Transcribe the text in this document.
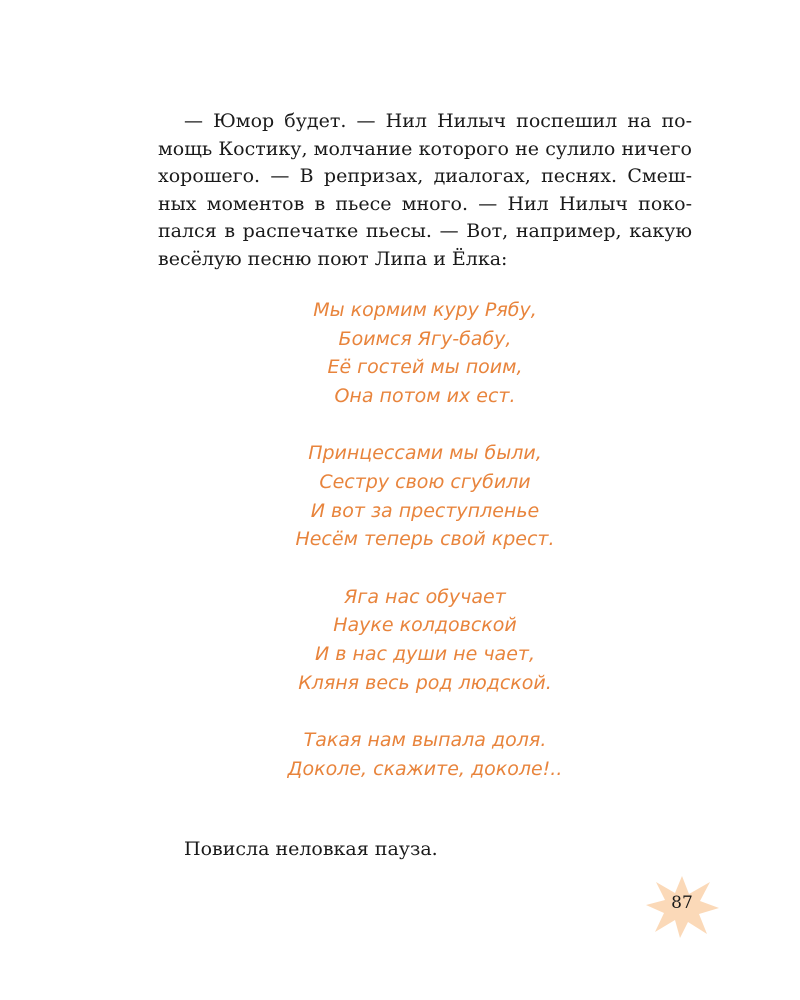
— Юмор будет. — Нил Нилыч поспешил на по-
мощь Костику, молчание которого не сулило ничего
хорошего. — В репризах, диалогах, песнях. Смеш-
ных моментов в пьесе много. — Нил Нилыч поко-
пался в распечатке пьесы. — Вот, например, какую
весёлую песню поют Липа и Ёлка:
Мы кормим куру Рябу,
Боимся Ягу-бабу,
Её гостей мы поим,
Она потом их ест.
Принцессами мы были,
Сестру свою сгубили
И вот за преступленье
Несём теперь свой крест.
Яга нас обучает
Науке колдовской
И в нас души не чает,
Кляня весь род людской.
Такая нам выпала доля.
Доколе, скажите, доколе!..
Повисла неловкая пауза.
87
